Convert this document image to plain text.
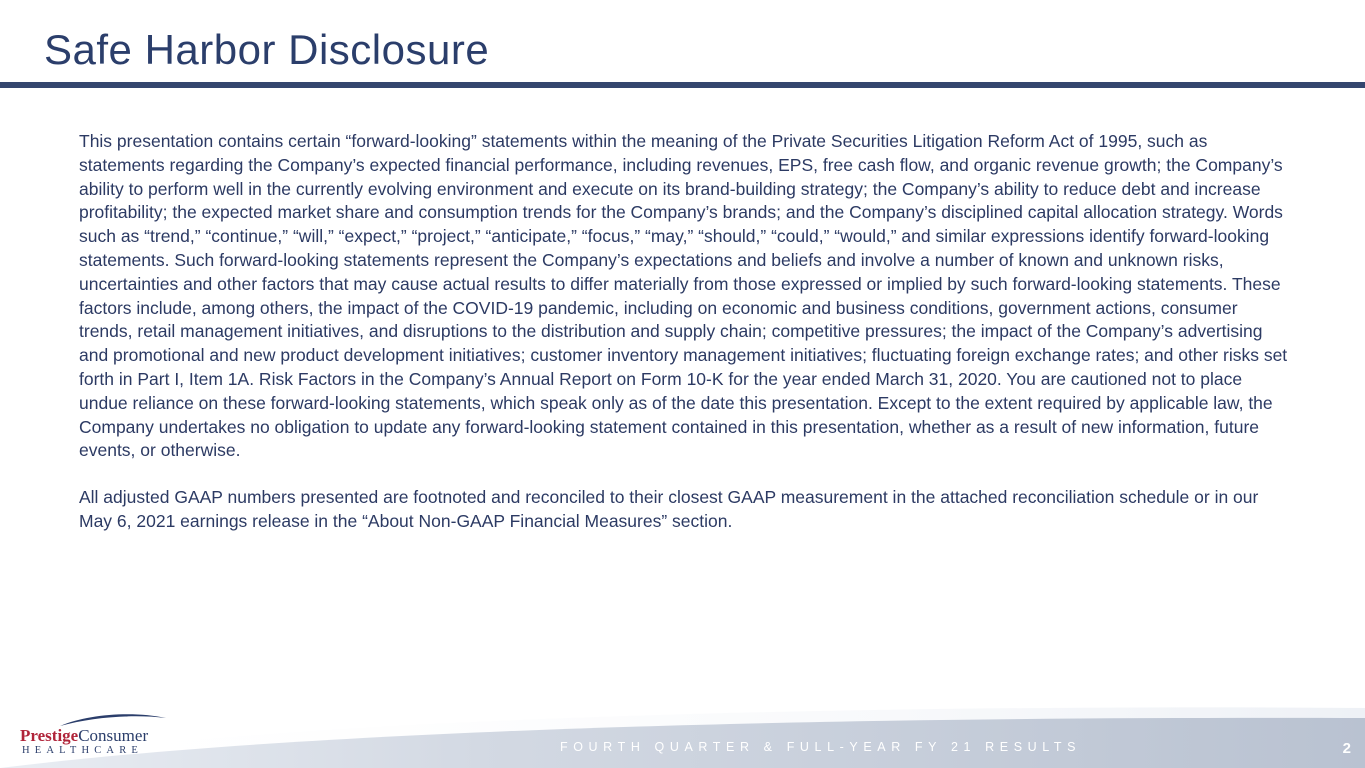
Safe Harbor Disclosure

This presentation contains certain “forward-looking” statements within the meaning of the Private Securities Litigation Reform Act of 1995, such as statements regarding the Company’s expected financial performance, including revenues, EPS, free cash flow, and organic revenue growth; the Company’s ability to perform well in the currently evolving environment and execute on its brand-building strategy; the Company’s ability to reduce debt and increase profitability; the expected market share and consumption trends for the Company’s brands; and the Company’s disciplined capital allocation strategy. Words such as “trend,” “continue,” “will,” “expect,” “project,” “anticipate,” “focus,” “may,” “should,” “could,” “would,” and similar expressions identify forward-looking statements. Such forward-looking statements represent the Company’s expectations and beliefs and involve a number of known and unknown risks, uncertainties and other factors that may cause actual results to differ materially from those expressed or implied by such forward-looking statements. These factors include, among others, the impact of the COVID-19 pandemic, including on economic and business conditions, government actions, consumer trends, retail management initiatives, and disruptions to the distribution and supply chain; competitive pressures; the impact of the Company’s advertising and promotional and new product development initiatives; customer inventory management initiatives; fluctuating foreign exchange rates; and other risks set forth in Part I, Item 1A. Risk Factors in the Company’s Annual Report on Form 10-K for the year ended March 31, 2020. You are cautioned not to place undue reliance on these forward-looking statements, which speak only as of the date this presentation. Except to the extent required by applicable law, the Company undertakes no obligation to update any forward-looking statement contained in this presentation, whether as a result of new information, future events, or otherwise.

All adjusted GAAP numbers presented are footnoted and reconciled to their closest GAAP measurement in the attached reconciliation schedule or in our May 6, 2021 earnings release in the “About Non-GAAP Financial Measures” section.

FOURTH QUARTER & FULL-YEAR FY 21 RESULTS	2
PrestigeConsumer
HEALTHCARE
